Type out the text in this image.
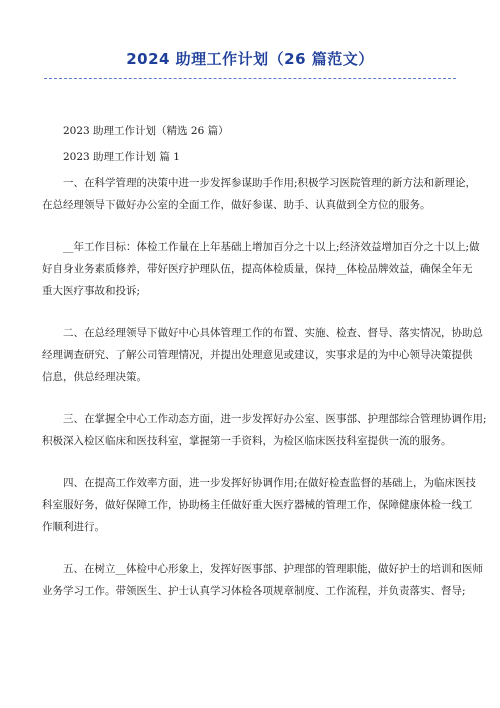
2024 助理工作计划（26 篇范文）

2023 助理工作计划（精选 26 篇）

2023 助理工作计划 篇 1

一、在科学管理的决策中进一步发挥参谋助手作用;积极学习医院管理的新方法和新理论，

在总经理领导下做好办公室的全面工作，做好参谋、助手、认真做到全方位的服务。

__年工作目标：体检工作量在上年基础上增加百分之十以上;经济效益增加百分之十以上;做

好自身业务素质修养，带好医疗护理队伍，提高体检质量，保持__体检品牌效益，确保全年无

重大医疗事故和投诉;

二、在总经理领导下做好中心具体管理工作的布置、实施、检查、督导、落实情况，协助总

经理调查研究、了解公司管理情况，并提出处理意见或建议，实事求是的为中心领导决策提供

信息，供总经理决策。

三、在掌握全中心工作动态方面，进一步发挥好办公室、医事部、护理部综合管理协调作用;

积极深入检区临床和医技科室，掌握第一手资料，为检区临床医技科室提供一流的服务。

四、在提高工作效率方面，进一步发挥好协调作用;在做好检查监督的基础上，为临床医技

科室服好务，做好保障工作，协助杨主任做好重大医疗器械的管理工作，保障健康体检一线工

作顺利进行。

五、在树立__体检中心形象上，发挥好医事部、护理部的管理职能，做好护士的培训和医师

业务学习工作。带领医生、护士认真学习体检各项规章制度、工作流程，并负责落实、督导;
